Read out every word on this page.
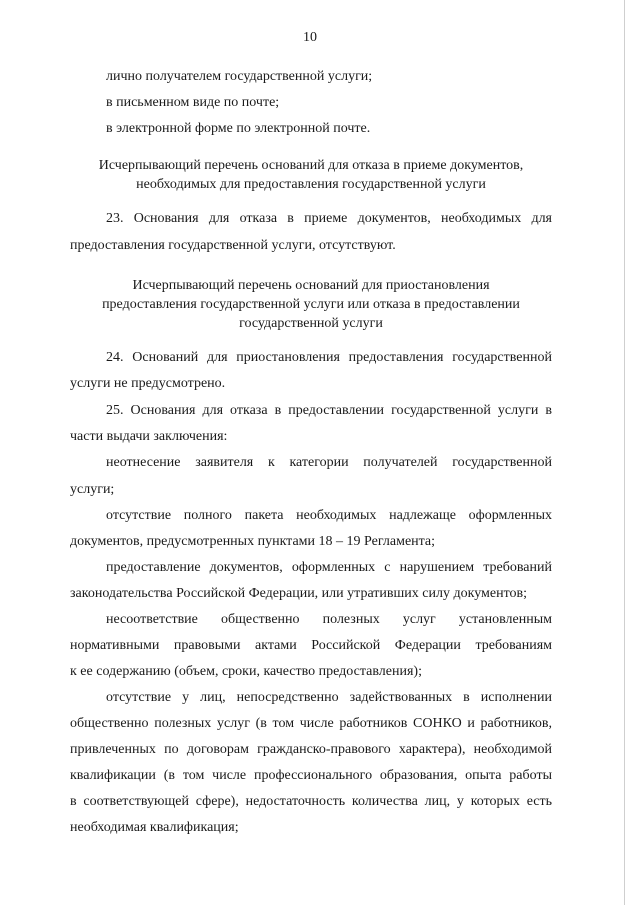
10
лично получателем государственной услуги;
в письменном виде по почте;
в электронной форме по электронной почте.
Исчерпывающий перечень оснований для отказа в приеме документов,
необходимых для предоставления государственной услуги
23. Основания для отказа в приеме документов, необходимых для
предоставления государственной услуги, отсутствуют.
Исчерпывающий перечень оснований для приостановления
предоставления государственной услуги или отказа в предоставлении
государственной услуги
24. Оснований для приостановления предоставления государственной
услуги не предусмотрено.
25. Основания для отказа в предоставлении государственной услуги в
части выдачи заключения:
неотнесение заявителя к категории получателей государственной
услуги;
отсутствие полного пакета необходимых надлежаще оформленных
документов, предусмотренных пунктами 18 – 19 Регламента;
предоставление документов, оформленных с нарушением требований
законодательства Российской Федерации, или утративших силу документов;
несоответствие общественно полезных услуг установленным
нормативными правовыми актами Российской Федерации требованиям
к ее содержанию (объем, сроки, качество предоставления);
отсутствие у лиц, непосредственно задействованных в исполнении
общественно полезных услуг (в том числе работников СОНКО и работников,
привлеченных по договорам гражданско-правового характера), необходимой
квалификации (в том числе профессионального образования, опыта работы
в соответствующей сфере), недостаточность количества лиц, у которых есть
необходимая квалификация;
